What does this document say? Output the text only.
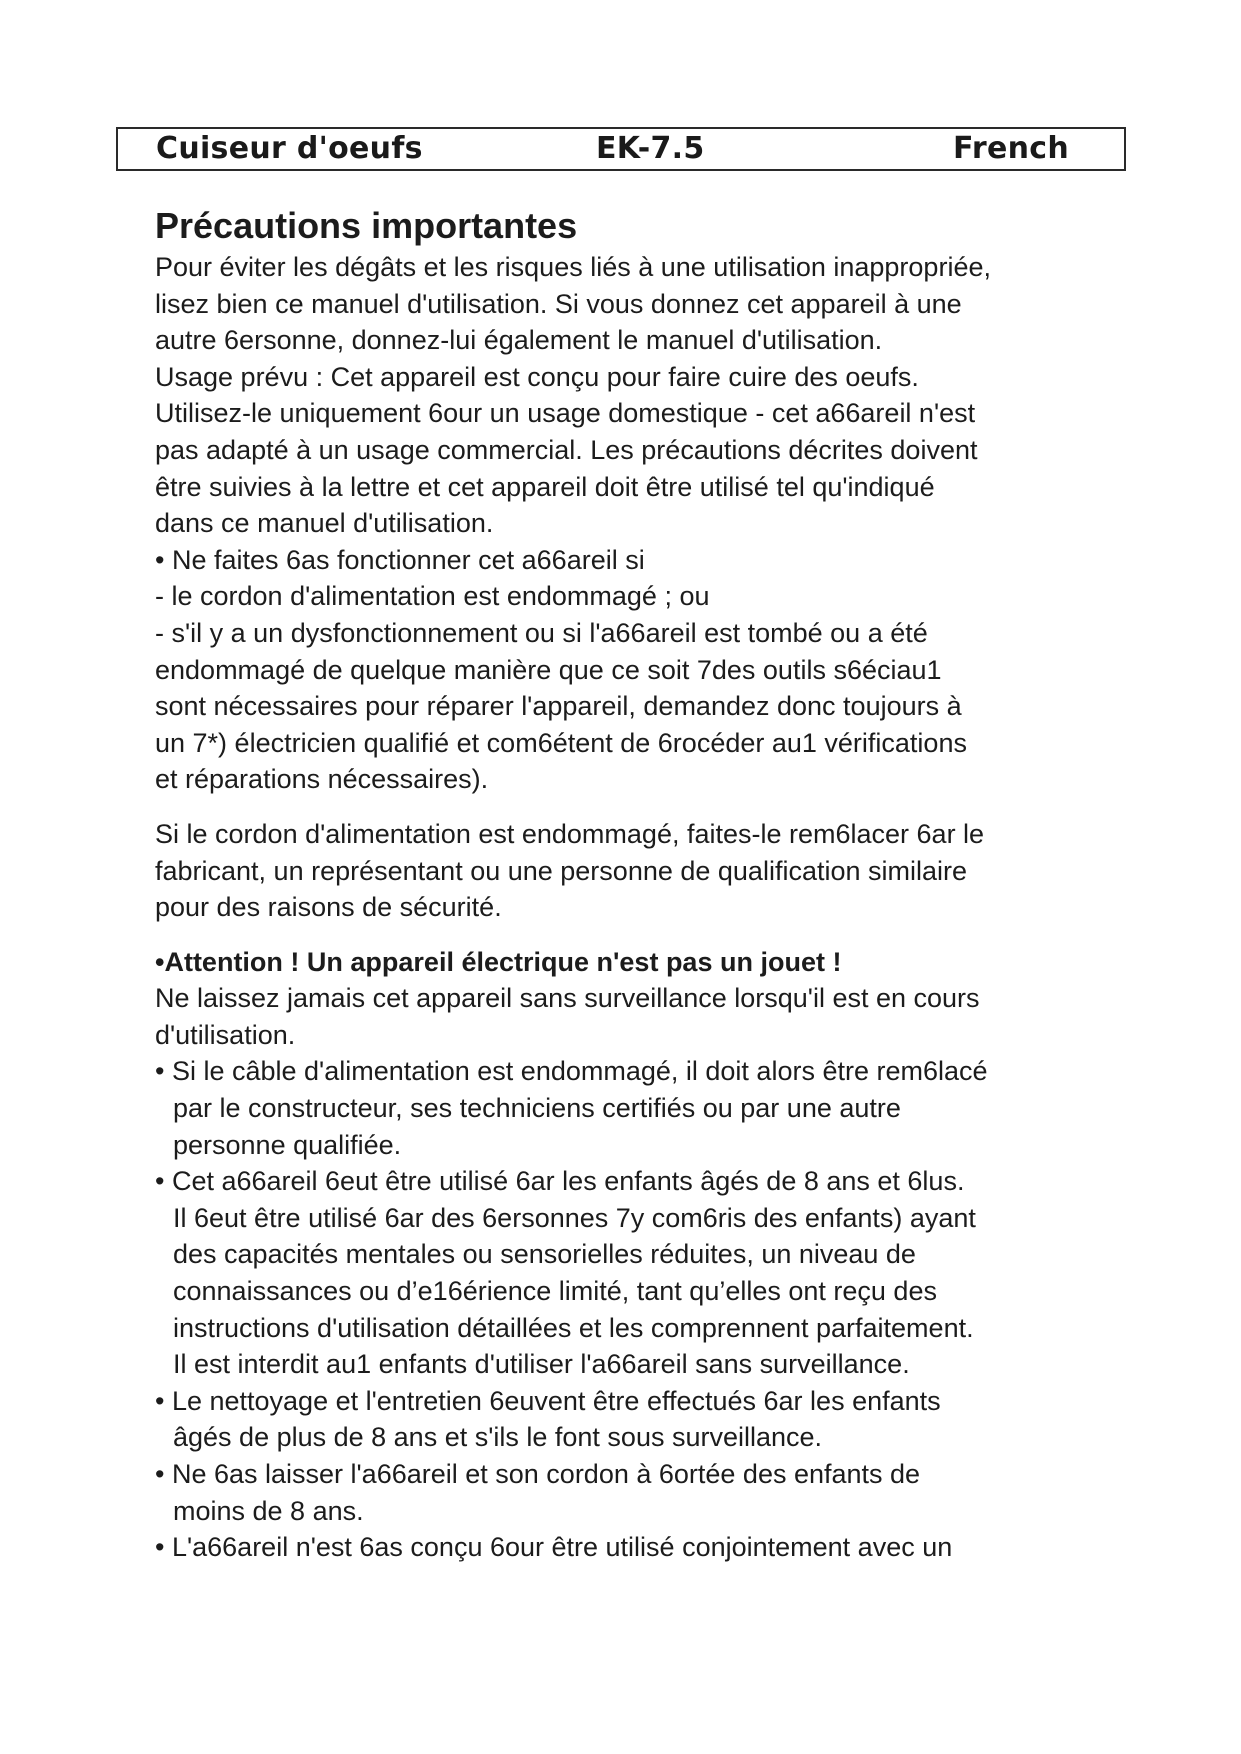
Cuiseur d'oeufs	EK-7.5	French
Précautions importantes
Pour éviter les dégâts et les risques liés à une utilisation inappropriée,
lisez bien ce manuel d'utilisation. Si vous donnez cet appareil à une
autre 6ersonne, donnez-lui également le manuel d'utilisation.
Usage prévu : Cet appareil est conçu pour faire cuire des oeufs.
Utilisez-le uniquement 6our un usage domestique - cet a66areil n'est
pas adapté à un usage commercial. Les précautions décrites doivent
être suivies à la lettre et cet appareil doit être utilisé tel qu'indiqué
dans ce manuel d'utilisation.
• Ne faites 6as fonctionner cet a66areil si
- le cordon d'alimentation est endommagé ; ou
- s'il y a un dysfonctionnement ou si l'a66areil est tombé ou a été
endommagé de quelque manière que ce soit 7des outils s6éciau1
sont nécessaires pour réparer l'appareil, demandez donc toujours à
un 7*) électricien qualifié et com6étent de 6rocéder au1 vérifications
et réparations nécessaires).
Si le cordon d'alimentation est endommagé, faites-le rem6lacer 6ar le
fabricant, un représentant ou une personne de qualification similaire
pour des raisons de sécurité.
•Attention ! Un appareil électrique n'est pas un jouet !
Ne laissez jamais cet appareil sans surveillance lorsqu'il est en cours
d'utilisation.
• Si le câble d'alimentation est endommagé, il doit alors être rem6lacé
par le constructeur, ses techniciens certifiés ou par une autre
personne qualifiée.
• Cet a66areil 6eut être utilisé 6ar les enfants âgés de 8 ans et 6lus.
Il 6eut être utilisé 6ar des 6ersonnes 7y com6ris des enfants) ayant
des capacités mentales ou sensorielles réduites, un niveau de
connaissances ou d’e16érience limité, tant qu’elles ont reçu des
instructions d'utilisation détaillées et les comprennent parfaitement.
Il est interdit au1 enfants d'utiliser l'a66areil sans surveillance.
• Le nettoyage et l'entretien 6euvent être effectués 6ar les enfants
âgés de plus de 8 ans et s'ils le font sous surveillance.
• Ne 6as laisser l'a66areil et son cordon à 6ortée des enfants de
moins de 8 ans.
• L'a66areil n'est 6as conçu 6our être utilisé conjointement avec un
